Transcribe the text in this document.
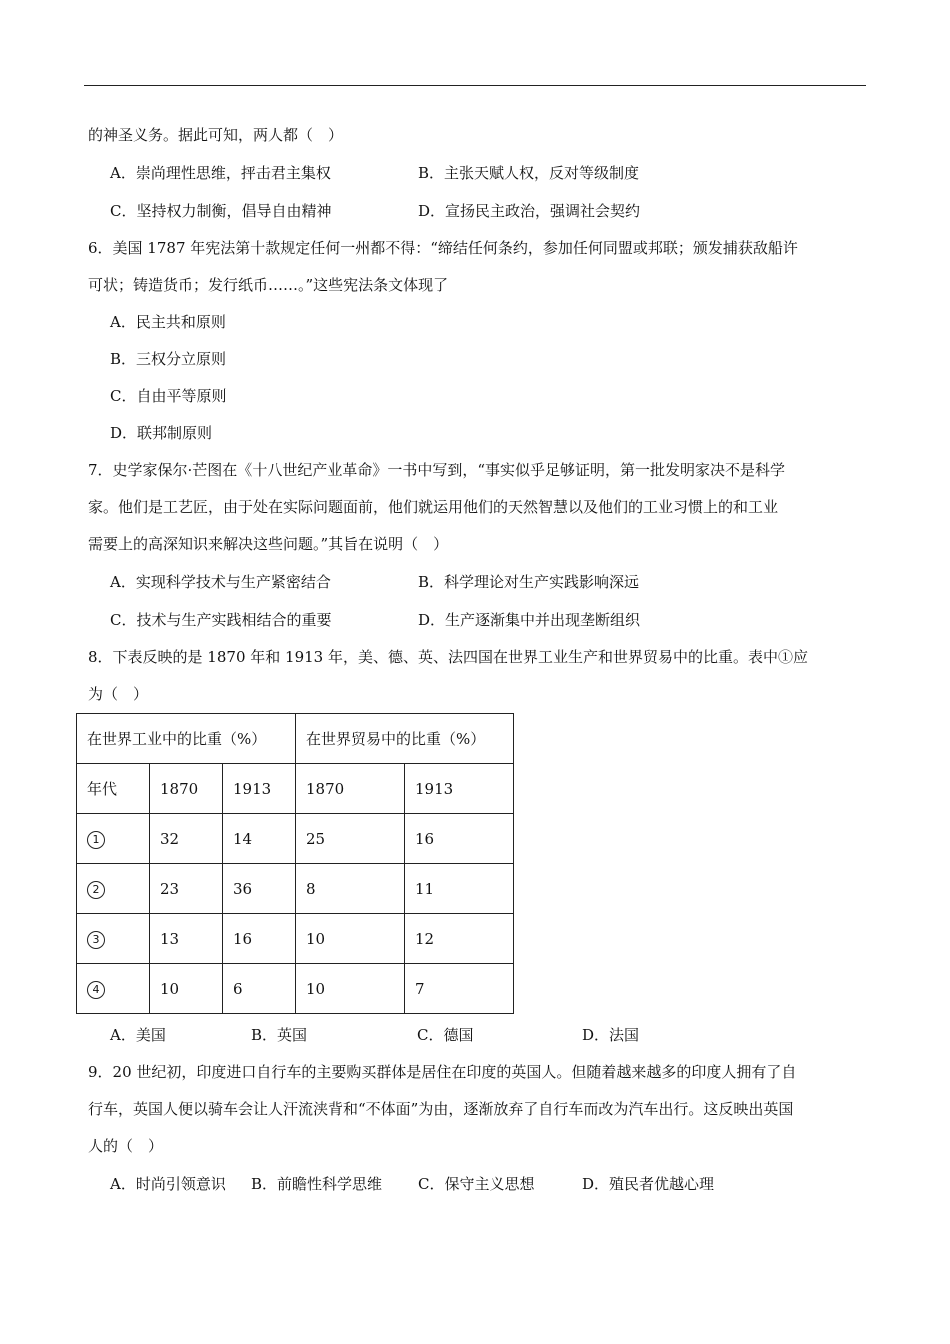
的神圣义务。据此可知，两人都（　）
A．崇尚理性思维，抨击君主集权	B．主张天赋人权，反对等级制度
C．坚持权力制衡，倡导自由精神	D．宣扬民主政治，强调社会契约
6．美国 1787 年宪法第十款规定任何一州都不得：“缔结任何条约，参加任何同盟或邦联；颁发捕获敌船许
可状；铸造货币；发行纸币……。”这些宪法条文体现了
A．民主共和原则
B．三权分立原则
C．自由平等原则
D．联邦制原则
7．史学家保尔·芒图在《十八世纪产业革命》一书中写到，“事实似乎足够证明，第一批发明家决不是科学
家。他们是工艺匠，由于处在实际问题面前，他们就运用他们的天然智慧以及他们的工业习惯上的和工业
需要上的高深知识来解决这些问题。”其旨在说明（　）
A．实现科学技术与生产紧密结合	B．科学理论对生产实践影响深远
C．技术与生产实践相结合的重要	D．生产逐渐集中并出现垄断组织
8．下表反映的是 1870 年和 1913 年，美、德、英、法四国在世界工业生产和世界贸易中的比重。表中①应
为（　）
在世界工业中的比重（%）			在世界贸易中的比重（%）	
年代	1870	1913	1870	1913
1	32	14	25	16
2	23	36	8	11
3	13	16	10	12
4	10	6	10	7
A．美国	B．英国	C．德国	D．法国
9．20 世纪初，印度进口自行车的主要购买群体是居住在印度的英国人。但随着越来越多的印度人拥有了自
行车，英国人便以骑车会让人汗流浃背和“不体面”为由，逐渐放弃了自行车而改为汽车出行。这反映出英国
人的（　）
A．时尚引领意识	B．前瞻性科学思维	C．保守主义思想	D．殖民者优越心理
